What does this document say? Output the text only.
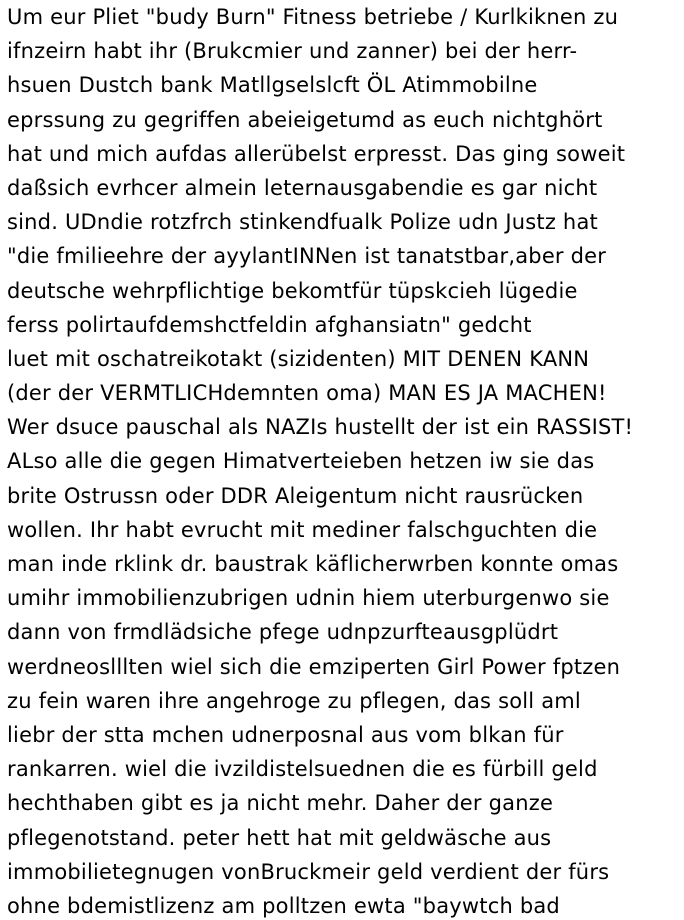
Um eur Pliet "budy Burn" Fitness betriebe / Kurlkiknen zu
ifnzeirn habt ihr (Brukcmier und zanner) bei der herr-
hsuen Dustch bank Matllgselslcft ÖL Atimmobilne
eprssung zu gegriffen abeieigetumd as euch nichtghört
hat und mich aufdas allerübelst erpresst. Das ging soweit
daßsich evrhcer almein leternausgabendie es gar nicht
sind. UDndie rotzfrch stinkendfualk Polize udn Justz hat
"die fmilieehre der ayylantINNen ist tanatstbar,aber der
deutsche wehrpflichtige bekomtfür tüpskcieh lügedie
ferss polirtaufdemshctfeldin afghansiatn" gedcht
luet mit oschatreikotakt (sizidenten) MIT DENEN KANN
(der der VERMTLICHdemnten oma) MAN ES JA MACHEN!
Wer dsuce pauschal als NAZIs hustellt der ist ein RASSIST!
ALso alle die gegen Himatverteieben hetzen iw sie das
brite Ostrussn oder DDR Aleigentum nicht rausrücken
wollen. Ihr habt evrucht mit mediner falschguchten die
man inde rklink dr. baustrak käflicherwrben konnte omas
umihr immobilienzubrigen udnin hiem uterburgenwo sie
dann von frmdlädsiche pfege udnpzurfteausgplüdrt
werdneoslllten wiel sich die emziperten Girl Power fptzen
zu fein waren ihre angehroge zu pflegen, das soll aml
liebr der stta mchen udnerposnal aus vom blkan für
rankarren. wiel die ivzildistelsuednen die es fürbill geld
hechthaben gibt es ja nicht mehr. Daher der ganze
pflegenotstand. peter hett hat mit geldwäsche aus
immobilietegnugen vonBruckmeir geld verdient der fürs
ohne bdemistlizenz am polltzen ewta "baywtch bad
